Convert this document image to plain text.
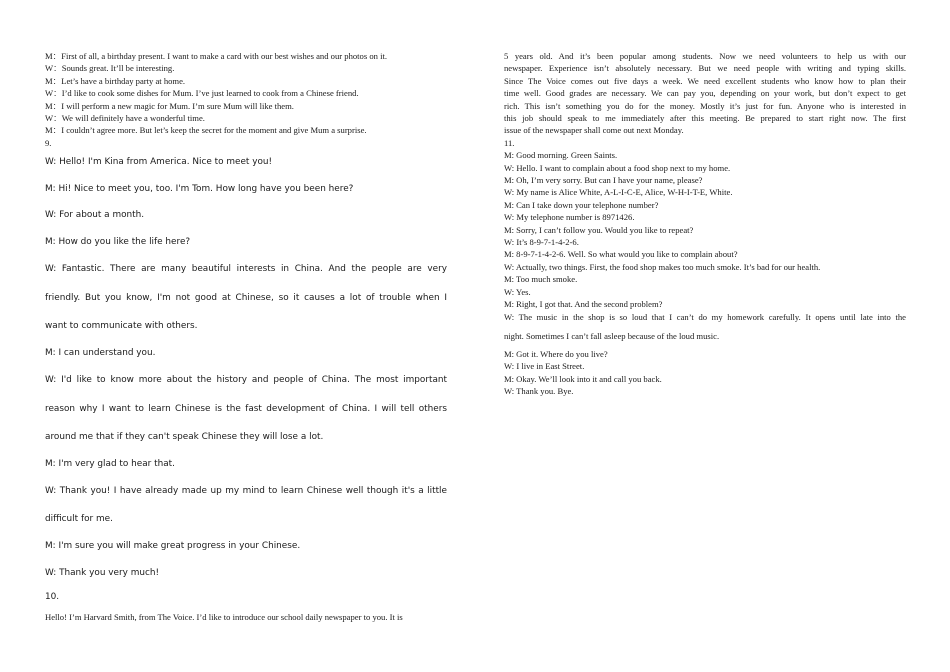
M：First of all, a birthday present. I want to make a card with our best wishes and our photos on it.
W：Sounds great. It’ll be interesting.
M：Let’s have a birthday party at home.
W：I’d like to cook some dishes for Mum. I’ve just learned to cook from a Chinese friend.
M：I will perform a new magic for Mum. I’m sure Mum will like them.
W：We will definitely have a wonderful time.
M：I couldn’t agree more. But let’s keep the secret for the moment and give Mum a surprise.
9.
W: Hello! I'm Kina from America. Nice to meet you!
M: Hi! Nice to meet you, too. I'm Tom. How long have you been here?
W: For about a month.
M: How do you like the life here?
W: Fantastic. There are many beautiful interests in China. And the people are very
friendly. But you know, I'm not good at Chinese, so it causes a lot of trouble when I
want to communicate with others.
M: I can understand you.
W: I'd like to know more about the history and people of China. The most important
reason why I want to learn Chinese is the fast development of China. I will tell others
around me that if they can't speak Chinese they will lose a lot.
M: I'm very glad to hear that.
W: Thank you! I have already made up my mind to learn Chinese well though it's a little
difficult for me.
M: I'm sure you will make great progress in your Chinese.
W: Thank you very much!
10.
Hello! I’m Harvard Smith, from The Voice. I’d like to introduce our school daily newspaper to you. It is
5 years old. And it’s been popular among students. Now we need volunteers to help us with our
newspaper. Experience isn’t absolutely necessary. But we need people with writing and typing skills.
Since The Voice comes out five days a week. We need excellent students who know how to plan their
time well. Good grades are necessary. We can pay you, depending on your work, but don’t expect to get
rich. This isn’t something you do for the money. Mostly it’s just for fun. Anyone who is interested in
this job should speak to me immediately after this meeting. Be prepared to start right now. The first
issue of the newspaper shall come out next Monday.
11.
M: Good morning. Green Saints.
W: Hello. I want to complain about a food shop next to my home.
M: Oh, I’m very sorry. But can I have your name, please?
W: My name is Alice White, A-L-I-C-E, Alice, W-H-I-T-E, White.
M: Can I take down your telephone number?
W: My telephone number is 8971426.
M: Sorry, I can’t follow you. Would you like to repeat?
W: It’s 8-9-7-1-4-2-6.
M: 8-9-7-1-4-2-6. Well. So what would you like to complain about?
W: Actually, two things. First, the food shop makes too much smoke. It’s bad for our health.
M: Too much smoke.
W: Yes.
M: Right, I got that. And the second problem?
W: The music in the shop is so loud that I can’t do my homework carefully. It opens until late into the
night. Sometimes I can’t fall asleep because of the loud music.
M: Got it. Where do you live?
W: I live in East Street.
M: Okay. We’ll look into it and call you back.
W: Thank you. Bye.
